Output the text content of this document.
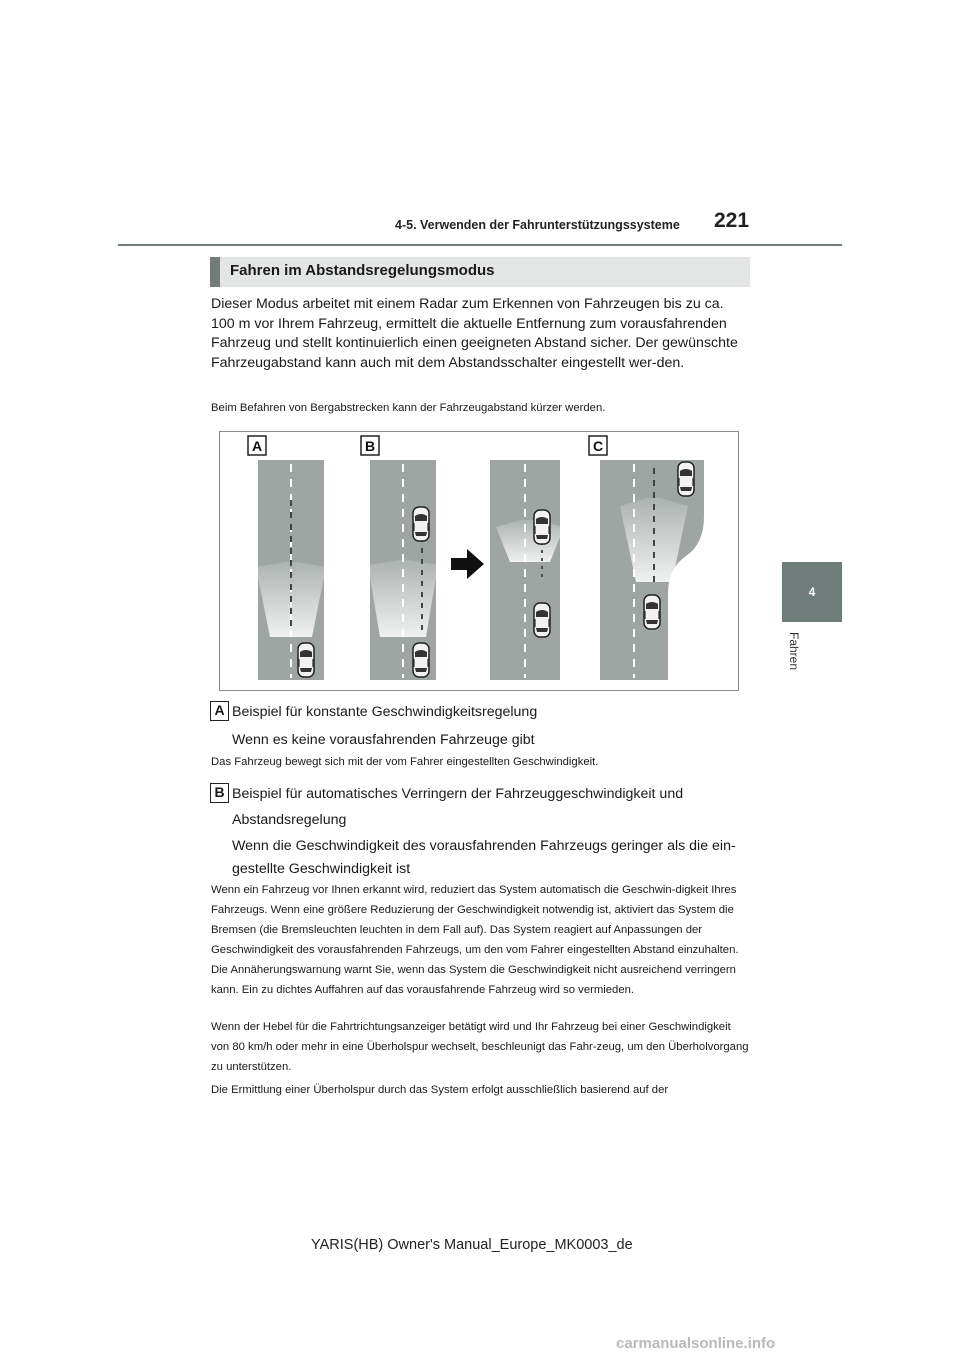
4-5. Verwenden der Fahrunterstützungssysteme 221
4
Fahren
Fahren im Abstandsregelungsmodus
Dieser Modus arbeitet mit einem Radar zum Erkennen von Fahrzeugen bis zu ca. 100 m vor Ihrem Fahrzeug, ermittelt die aktuelle Entfernung zum vorausfahrenden Fahrzeug und stellt kontinuierlich einen geeigneten Abstand sicher. Der gewünschte Fahrzeugabstand kann auch mit dem Abstandsschalter eingestellt wer-den.
Beim Befahren von Bergabstrecken kann der Fahrzeugabstand kürzer werden.
A	B	C
A Beispiel für konstante Geschwindigkeitsregelung
Wenn es keine vorausfahrenden Fahrzeuge gibt
Das Fahrzeug bewegt sich mit der vom Fahrer eingestellten Geschwindigkeit.
B Beispiel für automatisches Verringern der Fahrzeuggeschwindigkeit und
Abstandsregelung
Wenn die Geschwindigkeit des vorausfahrenden Fahrzeugs geringer als die ein-
gestellte Geschwindigkeit ist
Wenn ein Fahrzeug vor Ihnen erkannt wird, reduziert das System automatisch die Geschwin-digkeit Ihres Fahrzeugs. Wenn eine größere Reduzierung der Geschwindigkeit notwendig ist, aktiviert das System die Bremsen (die Bremsleuchten leuchten in dem Fall auf). Das System reagiert auf Anpassungen der Geschwindigkeit des vorausfahrenden Fahrzeugs, um den vom Fahrer eingestellten Abstand einzuhalten. Die Annäherungswarnung warnt Sie, wenn das System die Geschwindigkeit nicht ausreichend verringern kann. Ein zu dichtes Auffahren auf das vorausfahrende Fahrzeug wird so vermieden.
Wenn der Hebel für die Fahrtrichtungsanzeiger betätigt wird und Ihr Fahrzeug bei einer Geschwindigkeit von 80 km/h oder mehr in eine Überholspur wechselt, beschleunigt das Fahr-zeug, um den Überholvorgang zu unterstützen.
Die Ermittlung einer Überholspur durch das System erfolgt ausschließlich basierend auf der
YARIS(HB) Owner's Manual_Europe_MK0003_de
carmanualsonline.info
